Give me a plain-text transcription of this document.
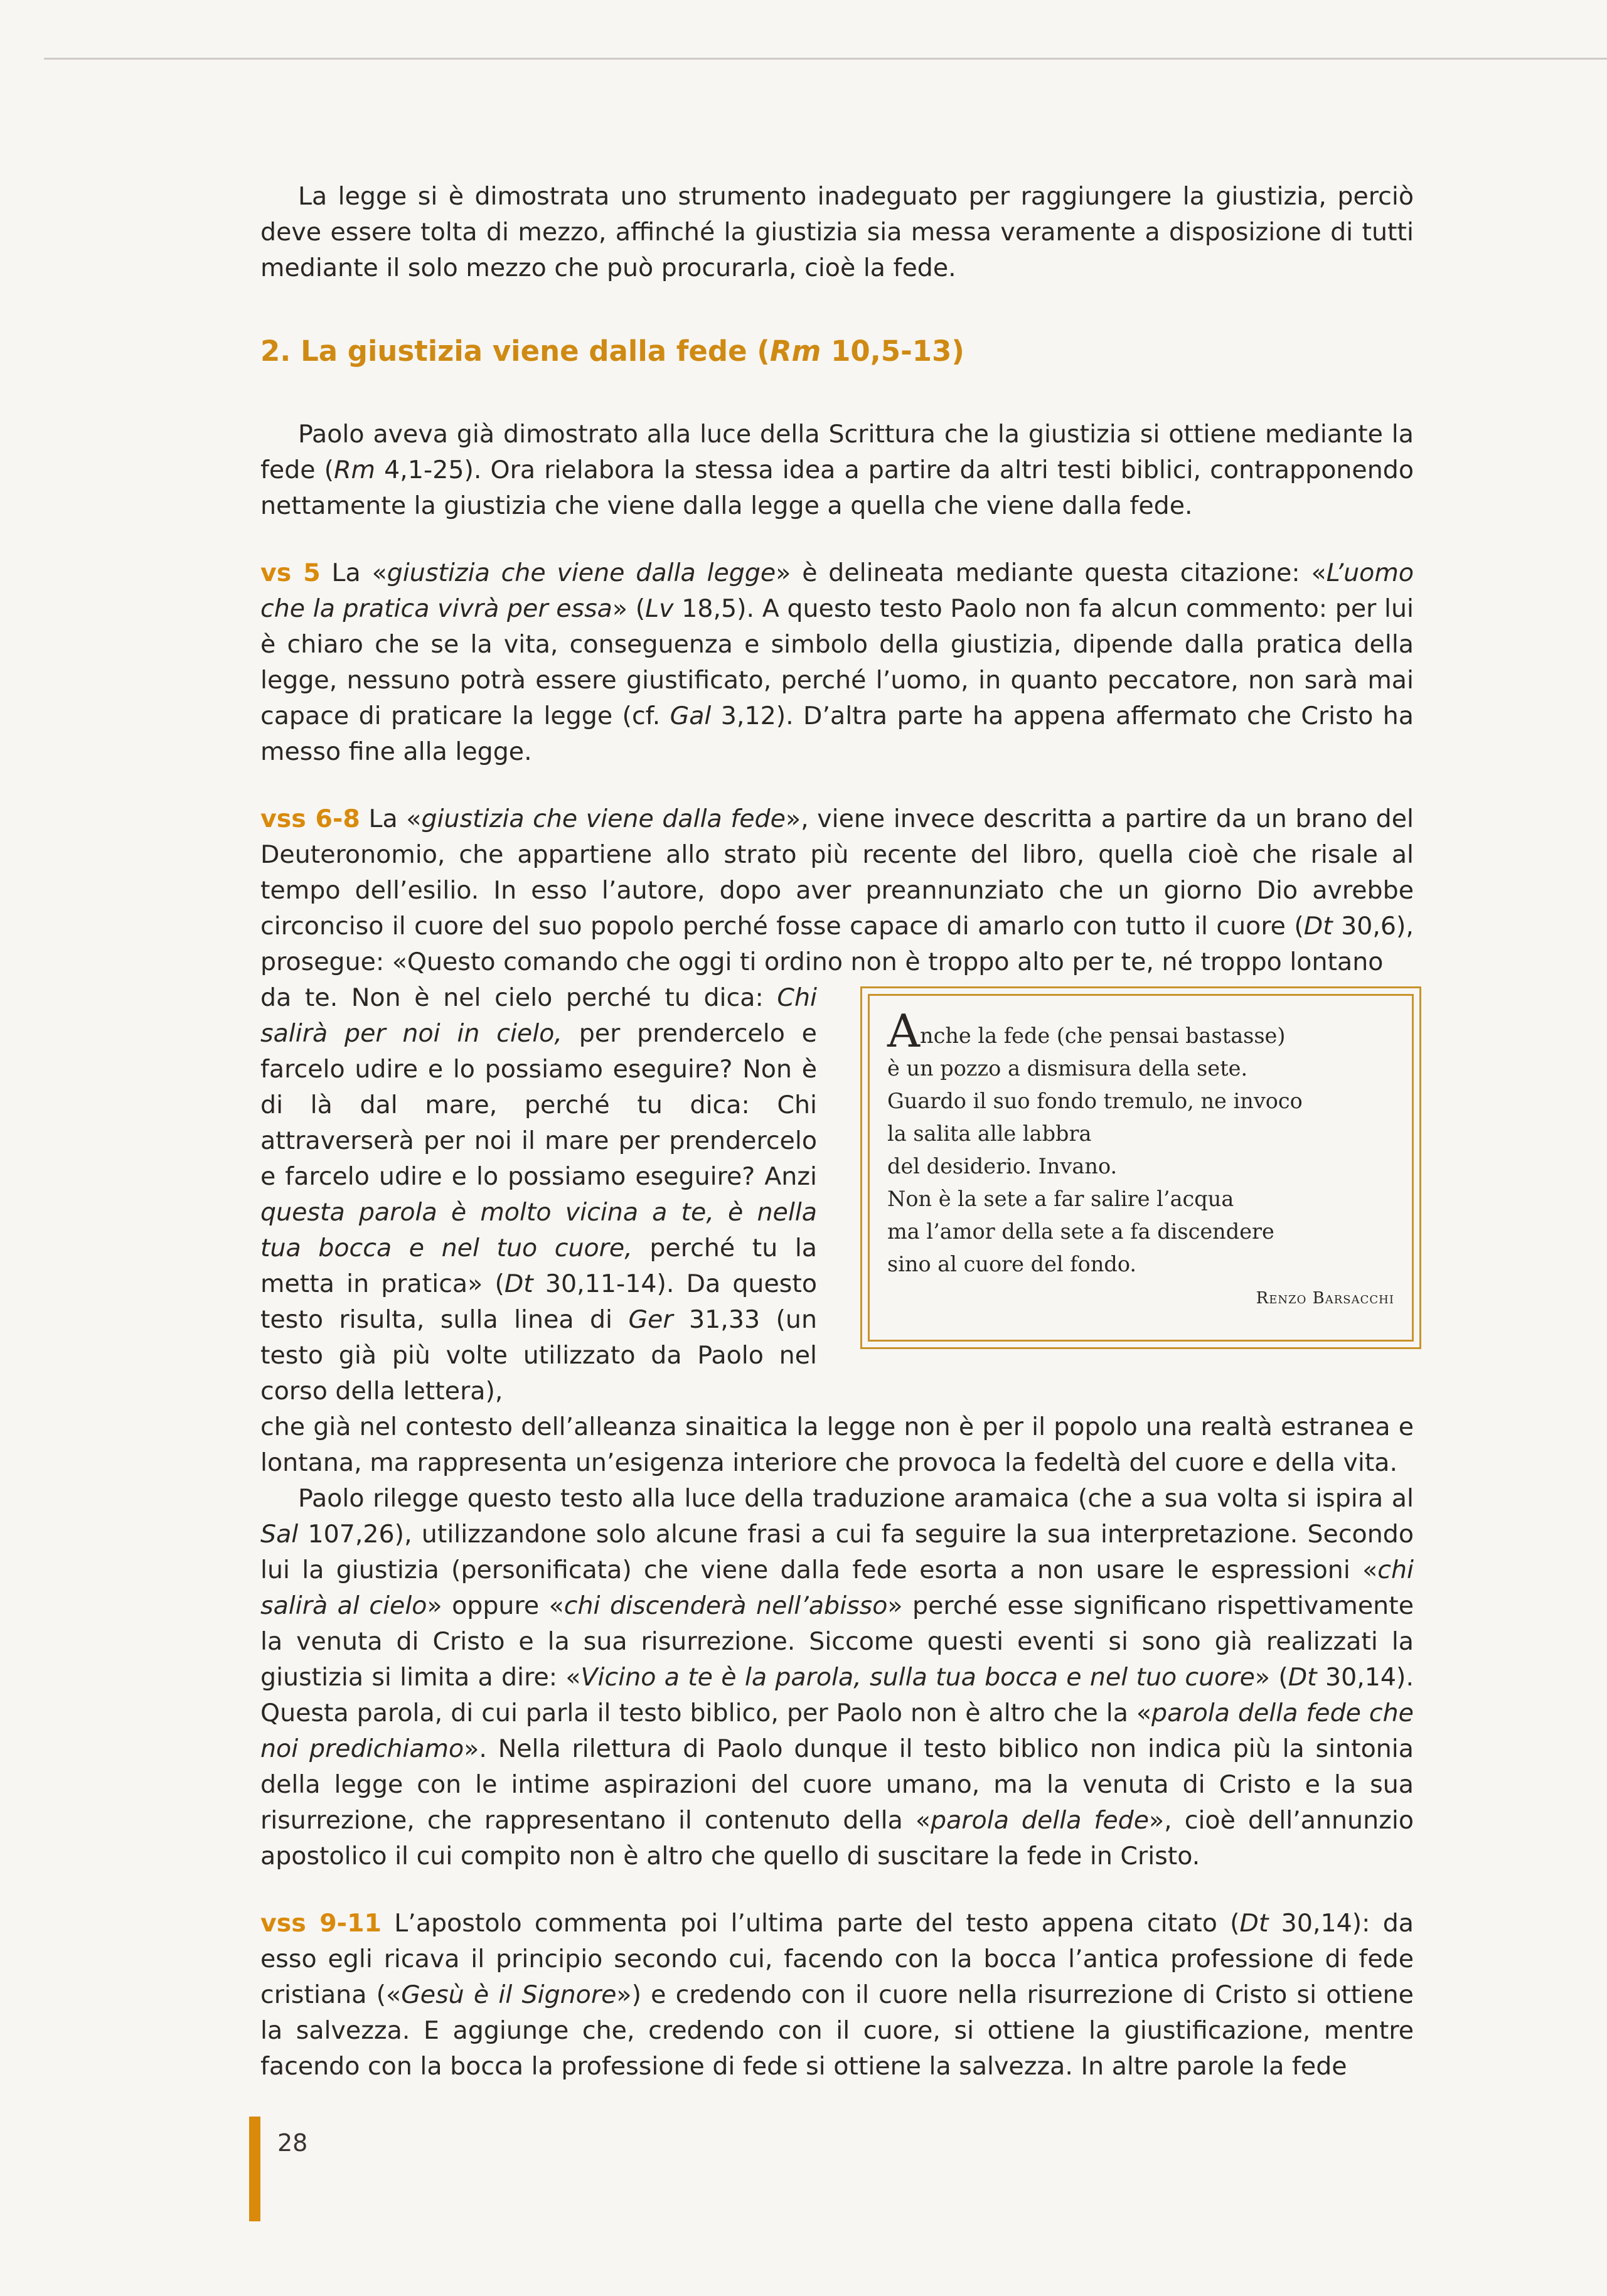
La legge si è dimostrata uno strumento inadeguato per raggiungere la giustizia, perciò deve essere tolta di mezzo, affinché la giustizia sia messa veramente a disposizione di tutti mediante il solo mezzo che può procurarla, cioè la fede.

2. La giustizia viene dalla fede (Rm 10,5-13)

Paolo aveva già dimostrato alla luce della Scrittura che la giustizia si ottiene mediante la fede (Rm 4,1-25). Ora rielabora la stessa idea a partire da altri testi biblici, contrapponendo nettamente la giustizia che viene dalla legge a quella che viene dalla fede.

vs 5 La «giustizia che viene dalla legge» è delineata mediante questa citazione: «L’uomo che la pratica vivrà per essa» (Lv 18,5). A questo testo Paolo non fa alcun commento: per lui è chiaro che se la vita, conseguenza e simbolo della giustizia, dipende dalla pratica della legge, nessuno potrà essere giustificato, perché l’uomo, in quanto peccatore, non sarà mai capace di praticare la legge (cf. Gal 3,12). D’altra parte ha appena affermato che Cristo ha messo fine alla legge.

vss 6-8 La «giustizia che viene dalla fede», viene invece descritta a partire da un brano del Deuteronomio, che appartiene allo strato più recente del libro, quella cioè che risale al tempo dell’esilio. In esso l’autore, dopo aver preannunziato che un giorno Dio avrebbe circonciso il cuore del suo popolo perché fosse capace di amarlo con tutto il cuore (Dt 30,6), prosegue: «Questo comando che oggi ti ordino non è troppo alto per te, né troppo lontano

da te. Non è nel cielo perché tu dica: Chi salirà per noi in cielo, per prendercelo e farcelo udire e lo possiamo eseguire? Non è di là dal mare, perché tu dica: Chi attraverserà per noi il mare per prendercelo e farcelo udire e lo possiamo eseguire? Anzi questa parola è molto vicina a te, è nella tua bocca e nel tuo cuore, perché tu la metta in pratica» (Dt 30,11-14). Da questo testo risulta, sulla linea di Ger 31,33 (un testo già più volte utilizzato da Paolo nel corso della lettera),

Anche la fede (che pensai bastasse)
è un pozzo a dismisura della sete.
Guardo il suo fondo tremulo, ne invoco
la salita alle labbra
del desiderio. Invano.
Non è la sete a far salire l’acqua
ma l’amor della sete a fa discendere
sino al cuore del fondo.
Renzo Barsacchi

che già nel contesto dell’alleanza sinaitica la legge non è per il popolo una realtà estranea e lontana, ma rappresenta un’esigenza interiore che provoca la fedeltà del cuore e della vita.

Paolo rilegge questo testo alla luce della traduzione aramaica (che a sua volta si ispira al Sal 107,26), utilizzandone solo alcune frasi a cui fa seguire la sua interpretazione. Secondo lui la giustizia (personificata) che viene dalla fede esorta a non usare le espressioni «chi salirà al cielo» oppure «chi discenderà nell’abisso» perché esse significano rispettivamente la venuta di Cristo e la sua risurrezione. Siccome questi eventi si sono già realizzati la giustizia si limita a dire: «Vicino a te è la parola, sulla tua bocca e nel tuo cuore» (Dt 30,14). Questa parola, di cui parla il testo biblico, per Paolo non è altro che la «parola della fede che noi predichiamo». Nella rilettura di Paolo dunque il testo biblico non indica più la sintonia della legge con le intime aspirazioni del cuore umano, ma la venuta di Cristo e la sua risurrezione, che rappresentano il contenuto della «parola della fede», cioè dell’annunzio apostolico il cui compito non è altro che quello di suscitare la fede in Cristo.

vss 9-11 L’apostolo commenta poi l’ultima parte del testo appena citato (Dt 30,14): da esso egli ricava il principio secondo cui, facendo con la bocca l’antica professione di fede cristiana («Gesù è il Signore») e credendo con il cuore nella risurrezione di Cristo si ottiene la salvezza. E aggiunge che, credendo con il cuore, si ottiene la giustificazione, mentre facendo con la bocca la professione di fede si ottiene la salvezza. In altre parole la fede

28
